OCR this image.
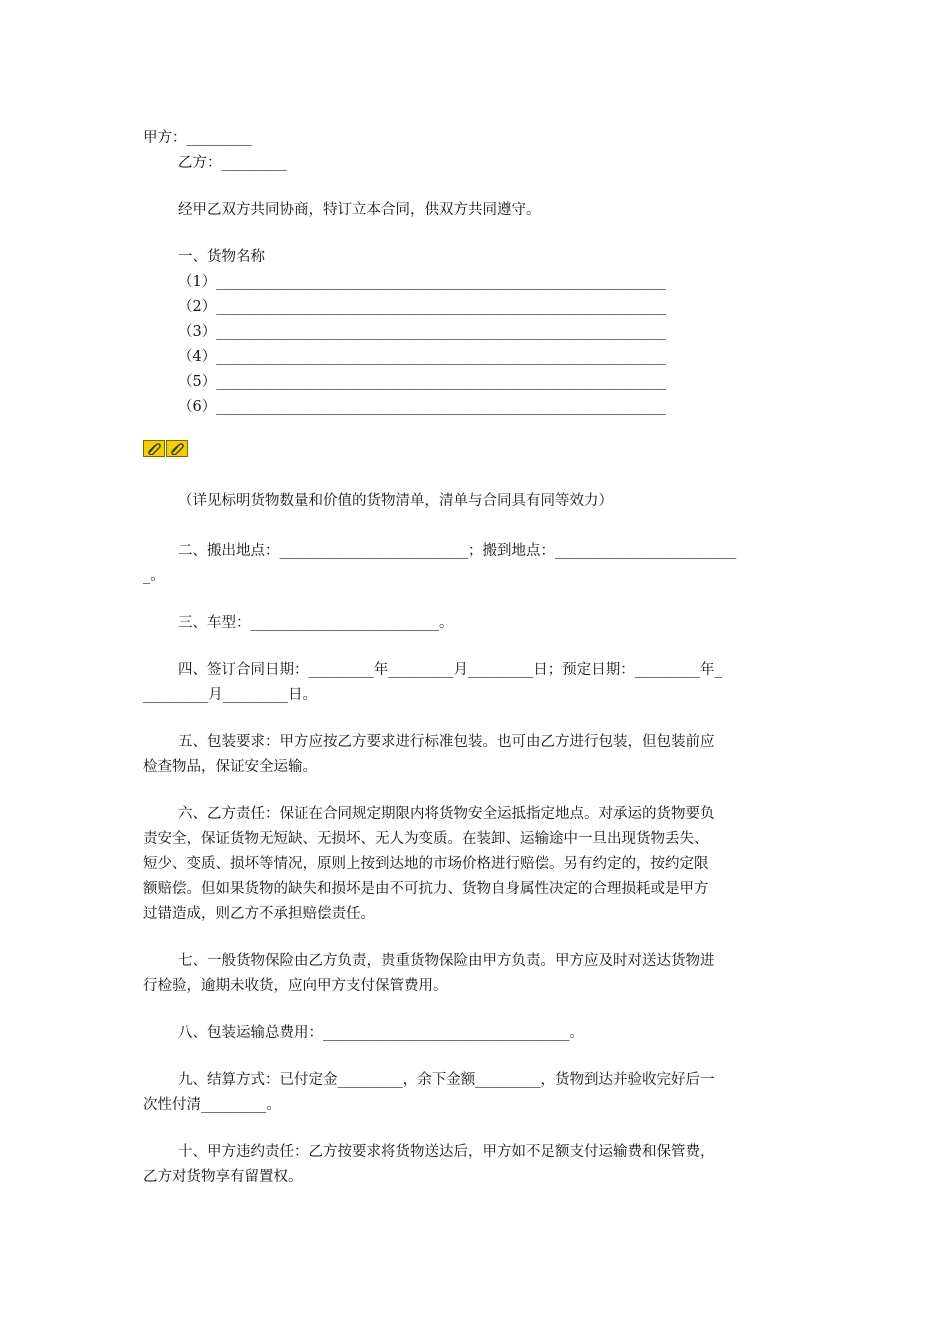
甲方：_________
乙方：_________
经甲乙双方共同协商，特订立本合同，供双方共同遵守。
一、货物名称
（1）______________________________________________________________
（2）______________________________________________________________
（3）______________________________________________________________
（4）______________________________________________________________
（5）______________________________________________________________
（6）______________________________________________________________
（详见标明货物数量和价值的货物清单，清单与合同具有同等效力）
二、搬出地点：__________________________；搬到地点：_________________________
_。
三、车型：__________________________。
四、签订合同日期：_________年_________月_________日；预定日期：_________年_
_________月_________日。
五、包装要求：甲方应按乙方要求进行标准包装。也可由乙方进行包装，但包装前应
检查物品，保证安全运输。
六、乙方责任：保证在合同规定期限内将货物安全运抵指定地点。对承运的货物要负
责安全，保证货物无短缺、无损坏、无人为变质。在装卸、运输途中一旦出现货物丢失、
短少、变质、损坏等情况，原则上按到达地的市场价格进行赔偿。另有约定的，按约定限
额赔偿。但如果货物的缺失和损坏是由不可抗力、货物自身属性决定的合理损耗或是甲方
过错造成，则乙方不承担赔偿责任。
七、一般货物保险由乙方负责，贵重货物保险由甲方负责。甲方应及时对送达货物进
行检验，逾期未收货，应向甲方支付保管费用。
八、包装运输总费用：__________________________________。
九、结算方式：已付定金_________，余下金额_________，货物到达并验收完好后一
次性付清_________。
十、甲方违约责任：乙方按要求将货物送达后，甲方如不足额支付运输费和保管费，
乙方对货物享有留置权。
